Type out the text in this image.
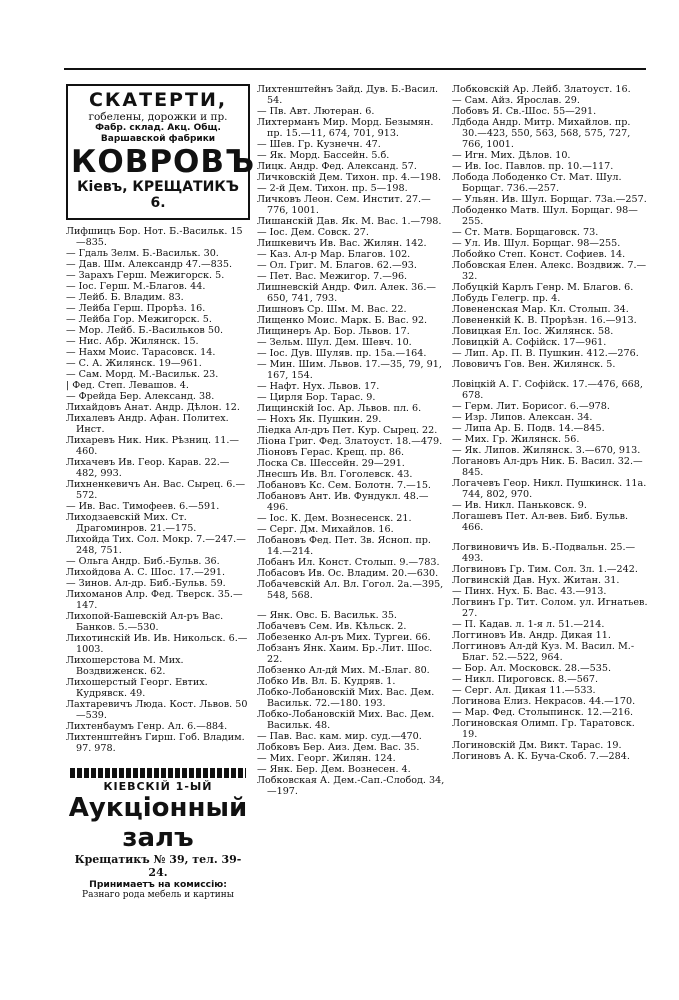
СКАТЕРТИ,
гобелены, дорожки и пр.
Фабр. склад. Акц. Общ.
Варшавской фабрики
КОВРОВЪ
Кіевъ, КРЕЩАТИКЪ 6.
Лифшицъ Бор. Нот. Б.-Васильк. 15—835.
— Гдаль Зелм. Б.-Васильк. 30.
— Дав. Шм. Александр 47.—835.
— Зарахъ Герш. Межигорск. 5.
— Іос. Герш. М.-Благов. 44.
— Лейб. Б. Владим. 83.
— Лейба Герш. Прорѣз. 16.
— Лейба Гор. Межигорск. 5.
— Мор. Лейб. Б.-Васильков 50.
— Нис. Абр. Жилянск. 15.
— Нахм Моис. Тарасовск. 14.
— С. А. Жилянск. 19—961.
— Сам. Морд. М.-Васильк. 23.
| Фед. Степ. Левашов. 4.
— Фрейда Бер. Александ. 38.
Лихайдовъ Анат. Андр. Дѣлон. 12.
Лихалевъ Андр. Афан. Политех. Инст.
Лихаревъ Ник. Ник. Рѣзниц. 11.—460.
Лихачевъ Ив. Геор. Карав. 22.—482, 993.
Лихненкевичъ Ан. Вас. Сырец. 6.—572.
— Ив. Вас. Тимофеев. 6.—591.
Лиходзаевскій Мих. Ст. Драгоминров. 21.—175.
Лихойда Тих. Сол. Мокр. 7.—247.—248, 751.
— Ольга Андр. Биб.-Бульв. 36.
Лихойдова А. С. Шос. 17.—291.
— Зинов. Ал-др. Биб.-Бульв. 59.
Лихоманов Алр. Фед. Тверск. 35.—147.
Лихопой-Башевскій Ал-ръ Вас. Банков. 5.—530.
Лихотинскій Ив. Ив. Никольск. 6.—1003.
Лихошерстова М. Мих. Воздвиженск. 62.
Лихошерстый Георг. Евтих. Кудрявск. 49.
Лахтаревичъ Люда. Кост. Львов. 50—539.
Лихтенбаумъ Генр. Ал. 6.—884.
Лихтенштейнъ Гирш. Гоб. Владим. 97. 978.
КІЕВСКІЙ 1-ЫЙ
Аукціонный залъ
Крещатикъ № 39, тел. 39-24.
Принимаетъ на комиссію:
Разнаго рода мебель и картины
Лихтенштейнъ Зайд. Дув. Б.-Васил. 54.
— Пв. Авт. Лютеран. 6.
Лихтерманъ Мир. Морд. Безымян. пр. 15.—11, 674, 701, 913.
— Шев. Гр. Кузнечн. 47.
— Як. Морд. Бассейн. 5.б.
Лицк. Андр. Фед. Александ. 57.
Личковскій Дем. Тихон. пр. 4.—198.
— 2-й Дем. Тихон. пр. 5—198.
Личковъ Леон. Сем. Инстит. 27.—776, 1001.
Лишанскій Дав. Як. М. Вас. 1.—798.
— Іос. Дем. Совск. 27.
Лишкевичъ Ив. Вас. Жилян. 142.
— Каз. Ал-р Мар. Благов. 102.
— Ол. Григ. М. Благов. 62.—93.
— Пет. Вас. Межигор. 7.—96.
Лишневскій Андр. Фил. Алек. 36.—650, 741, 793.
Лишновъ Ср. Шм. М. Вас. 22.
Лищенко Моис. Марк. Б. Вас. 92.
Лищинеръ Ар. Бор. Львов. 17.
— Зельм. Шул. Дем. Шевч. 10.
— Іос. Дув. Шуляв. пр. 15а.—164.
— Мин. Шим. Львов. 17.—35, 79, 91, 167, 154.
— Нафт. Нух. Львов. 17.
— Цирля Бор. Тарас. 9.
Лищинскій Іос. Ар. Львов. пл. 6.
— Нохъ Як. Пушкин. 29.
Лiедка Ал-дръ Пет. Кур. Сырец. 22.
Ліона Григ. Фед. Златоуст. 18.—479.
Ліоновъ Герас. Крещ. пр. 86.
Лоска Св. Шессейн. 29—291.
Лнесшъ Ив. Вл. Гоголевск. 43.
Лобановъ Кс. Сем. Болотн. 7.—15.
Лобановъ Ант. Ив. Фундукл. 48.—496.
— Іос. К. Дем. Вознесенск. 21.
— Серг. Дм. Михайлов. 16.
Лобановъ Фед. Пет. Зв. Ясноп. пр. 14.—214.
Лобанъ Ил. Конст. Столып. 9.—783.
Лобасовъ Ив. Ос. Владим. 20.—630.
Лобачевскій Ал. Вл. Гогол. 2а.—395, 548, 568.
— Янк. Овс. Б. Васильк. 35.
Лобачевъ Сем. Ив. Кѣльск. 2.
Лобезенко Ал-ръ Мих. Тургеи. 66.
Лобзанъ Янк. Хаим. Бр.-Лит. Шос. 22.
Лобзенко Ал-дй Мих. М.-Благ. 80.
Лобко Ив. Вл. Б. Кудряв. 1.
Лобко-Лобановскій Мих. Вас. Дем. Васильк. 72.—180. 193.
Лобко-Лобановскій Мих. Вас. Дем. Васильк. 48.
— Пав. Вас. кам. мир. суд.—470.
Лобковъ Бер. Аиз. Дем. Вас. 35.
— Мих. Георг. Жилян. 124.
— Янк. Бер. Дем. Вознесен. 4.
Лобковская А. Дем.-Сап.-Слобод. 34,—197.
Лобковскій Ар. Лейб. Златоуст. 16.
— Сам. Айз. Ярослав. 29.
Лобовъ Я. Св.-Шос. 55—291.
Лдбода Андр. Митр. Михайлов. пр. 30.—423, 550, 563, 568, 575, 727, 766, 1001.
— Игн. Мих. Дѣлов. 10.
— Ив. Іос. Павлов. пр. 10.—117.
Лобода Лободенко Ст. Мат. Шул. Борщаг. 736.—257.
— Ульян. Ив. Шул. Борщаг. 73а.—257.
Лободенко Матв. Шул. Борщаг. 98—255.
— Ст. Матв. Борщаговск. 73.
— Ул. Ив. Шул. Борщаг. 98—255.
Лобойко Степ. Конст. Софиев. 14.
Лобовская Елен. Алекс. Воздвиж. 7.—32.
Лобуцкій Карлъ Генр. М. Благов. 6.
Лобудь Гелегр. пр. 4.
Ловененская Мар. Кл. Столып. 34.
Ловененкій К. В. Прорѣзн. 16.—913.
Ловицкая Ел. Іос. Жилянск. 58.
Ловицкій А. Софійск. 17—961.
— Лип. Ар. П. В. Пушкин. 412.—276.
Лововичъ Гов. Вен. Жилянск. 5.
Ловіцкій А. Г. Софійск. 17.—476, 668, 678.
— Герм. Лит. Борисог. 6.—978.
— Изр. Липов. Алексан. 34.
— Липа Ар. Б. Подв. 14.—845.
— Мих. Гр. Жилянск. 56.
— Як. Липов. Жилянск. 3.—670, 913.
Логановъ Ал-дръ Ник. Б. Васил. 32.—845.
Логачевъ Геор. Никл. Пушкинск. 11а. 744, 802, 970.
— Ив. Никл. Паньковск. 9.
Логашевъ Пет. Ал-вев. Биб. Бульв. 466.
Логвиновичъ Ив. Б.-Подвальн. 25.—493.
Логвиновъ Гр. Тим. Сол. Зл. 1.—242.
Логвинскій Дав. Нух. Житан. 31.
— Пинх. Нух. Б. Вас. 43.—913.
Логвинъ Гр. Тит. Солом. ул. Игнатьев. 27.
— П. Кадав. л. 1-я л. 51.—214.
Логгиновъ Ив. Андр. Дикая 11.
Логгиновъ Ал-дй Куз. М. Васил. М.-Благ. 52.—522, 964.
— Бор. Ал. Московск. 28.—535.
— Никл. Пироговск. 8.—567.
— Серг. Ал. Дикая 11.—533.
Логинова Елиз. Некрасов. 44.—170.
— Мар. Фед. Столыпинск. 12.—216.
Логиновская Олимп. Гр. Таратовск. 19.
Логиновскій Дм. Викт. Тарас. 19.
Логиновъ А. К. Буча-Скоб. 7.—284.
